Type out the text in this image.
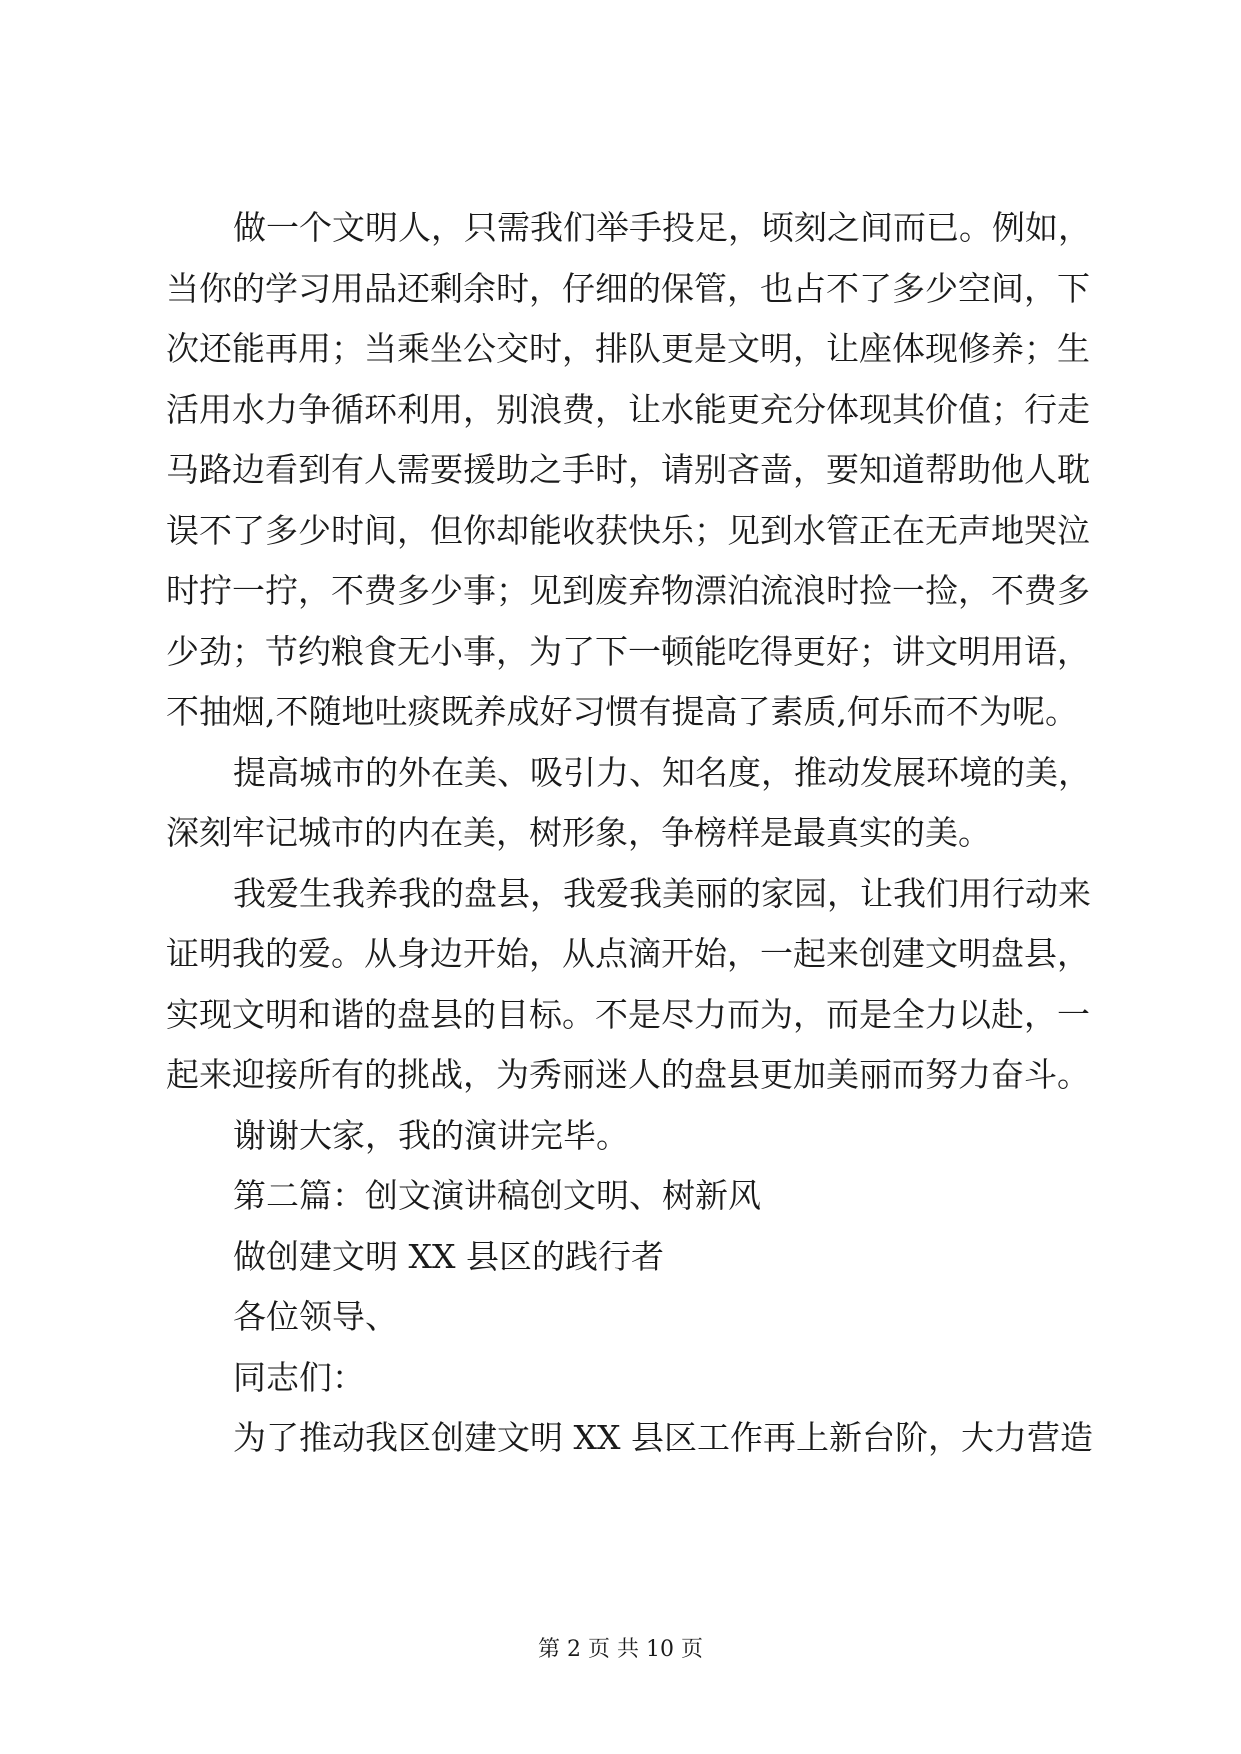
做一个文明人，只需我们举手投足，顷刻之间而已。例如，
当你的学习用品还剩余时，仔细的保管，也占不了多少空间，下
次还能再用；当乘坐公交时，排队更是文明，让座体现修养；生
活用水力争循环利用，别浪费，让水能更充分体现其价值；行走
马路边看到有人需要援助之手时，请别吝啬，要知道帮助他人耽
误不了多少时间，但你却能收获快乐；见到水管正在无声地哭泣
时拧一拧，不费多少事；见到废弃物漂泊流浪时捡一捡，不费多
少劲；节约粮食无小事，为了下一顿能吃得更好；讲文明用语，
不抽烟,不随地吐痰既养成好习惯有提高了素质,何乐而不为呢。
提高城市的外在美、吸引力、知名度，推动发展环境的美，
深刻牢记城市的内在美，树形象，争榜样是最真实的美。
我爱生我养我的盘县，我爱我美丽的家园，让我们用行动来
证明我的爱。从身边开始，从点滴开始，一起来创建文明盘县，
实现文明和谐的盘县的目标。不是尽力而为，而是全力以赴，一
起来迎接所有的挑战，为秀丽迷人的盘县更加美丽而努力奋斗。
谢谢大家，我的演讲完毕。
第二篇：创文演讲稿创文明、树新风
做创建文明 XX 县区的践行者
各位领导、
同志们：
为了推动我区创建文明 XX 县区工作再上新台阶，大力营造
第 2 页 共 10 页
